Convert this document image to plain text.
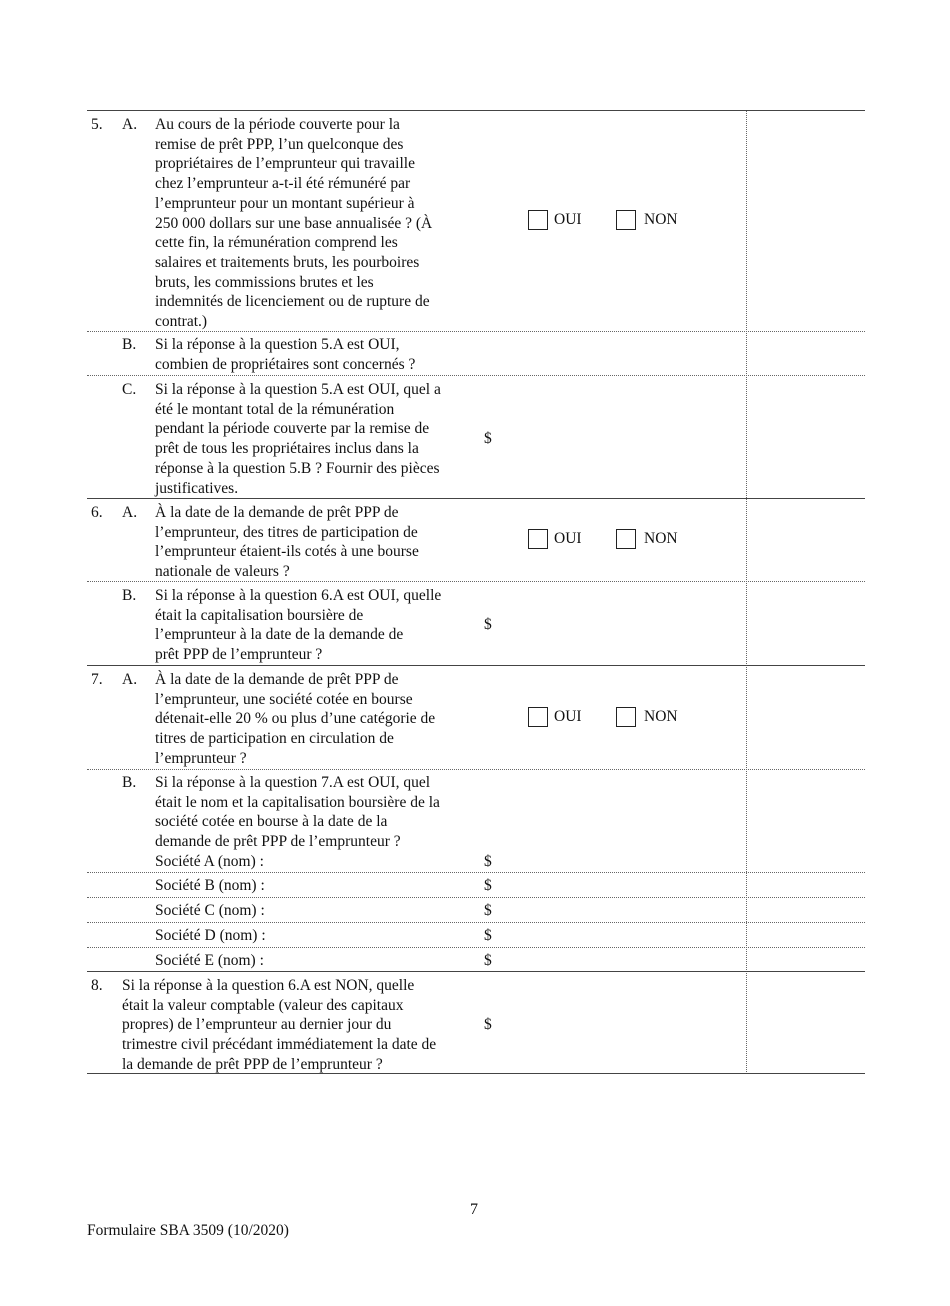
5. A. Au cours de la période couverte pour la
remise de prêt PPP, l’un quelconque des
propriétaires de l’emprunteur qui travaille
chez l’emprunteur a-t-il été rémunéré par
l’emprunteur pour un montant supérieur à
250 000 dollars sur une base annualisée ? (À
cette fin, la rémunération comprend les
salaires et traitements bruts, les pourboires
bruts, les commissions brutes et les
indemnités de licenciement ou de rupture de
contrat.)
OUI	NON
B. Si la réponse à la question 5.A est OUI,
combien de propriétaires sont concernés ?
C. Si la réponse à la question 5.A est OUI, quel a
été le montant total de la rémunération
pendant la période couverte par la remise de
prêt de tous les propriétaires inclus dans la
réponse à la question 5.B ? Fournir des pièces
justificatives.
$
6. A. À la date de la demande de prêt PPP de
l’emprunteur, des titres de participation de
l’emprunteur étaient-ils cotés à une bourse
nationale de valeurs ?
OUI	NON
B. Si la réponse à la question 6.A est OUI, quelle
était la capitalisation boursière de
l’emprunteur à la date de la demande de
prêt PPP de l’emprunteur ?
$
7. A. À la date de la demande de prêt PPP de
l’emprunteur, une société cotée en bourse
détenait-elle 20 % ou plus d’une catégorie de
titres de participation en circulation de
l’emprunteur ?
OUI	NON
B. Si la réponse à la question 7.A est OUI, quel
était le nom et la capitalisation boursière de la
société cotée en bourse à la date de la
demande de prêt PPP de l’emprunteur ?
Société A (nom) :	$
Société B (nom) :	$
Société C (nom) :	$
Société D (nom) :	$
Société E (nom) :	$
8. Si la réponse à la question 6.A est NON, quelle
était la valeur comptable (valeur des capitaux
propres) de l’emprunteur au dernier jour du
trimestre civil précédant immédiatement la date de
la demande de prêt PPP de l’emprunteur ?
$
7
Formulaire SBA 3509 (10/2020)
